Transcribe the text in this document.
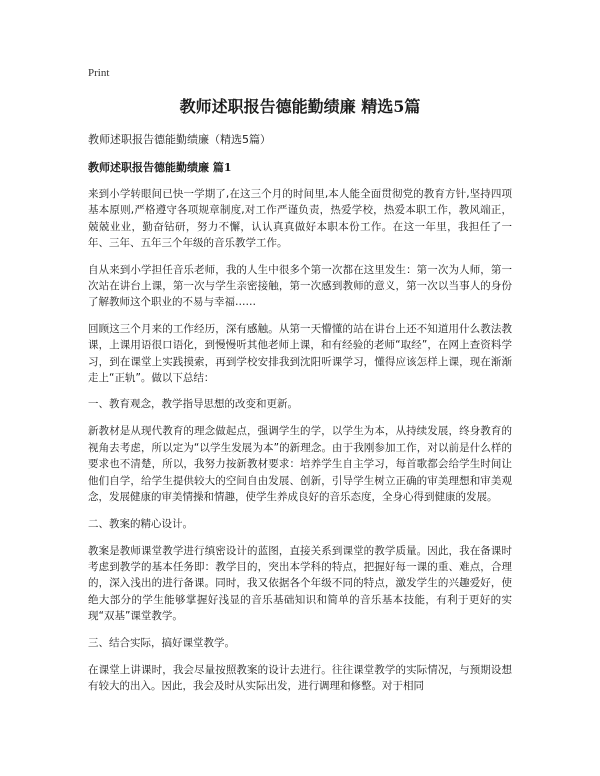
Print
教师述职报告德能勤绩廉 精选5篇
教师述职报告德能勤绩廉（精选5篇）
教师述职报告德能勤绩廉 篇1

来到小学转眼间已快一学期了,在这三个月的时间里,本人能全面贯彻党的教育方针,坚持四项基本原则,严格遵守各项规章制度,对工作严谨负责，热爱学校，热爱本职工作，教风端正，兢兢业业，勤奋钻研，努力不懈，认认真真做好本职本份工作。在这一年里，我担任了一年、三年、五年三个年级的音乐教学工作。

自从来到小学担任音乐老师，我的人生中很多个第一次都在这里发生：第一次为人师，第一次站在讲台上课，第一次与学生亲密接触，第一次感到教师的意义，第一次以当事人的身份了解教师这个职业的不易与幸福……

回顾这三个月来的工作经历，深有感触。从第一天懵懂的站在讲台上还不知道用什么教法教课，上课用语很口语化，到慢慢听其他老师上课，和有经验的老师“取经”，在网上查资料学习，到在课堂上实践摸索，再到学校安排我到沈阳听课学习，懂得应该怎样上课，现在渐渐走上“正轨”。做以下总结：

一、教育观念，教学指导思想的改变和更新。

新教材是从现代教育的理念做起点，强调学生的学，以学生为本，从持续发展，终身教育的视角去考虑，所以定为“以学生发展为本”的新理念。由于我刚参加工作，对以前是什么样的要求也不清楚，所以，我努力按新教材要求：培养学生自主学习，每首歌都会给学生时间让他们自学，给学生提供较大的空间自由发展、创新，引导学生树立正确的审美理想和审美观念，发展健康的审美情操和情趣，使学生养成良好的音乐态度，全身心得到健康的发展。

二、教案的精心设计。

教案是教师课堂教学进行缜密设计的蓝图，直接关系到课堂的教学质量。因此，我在备课时考虑到教学的基本任务即：教学目的，突出本学科的特点，把握好每一课的重、难点，合理的，深入浅出的进行备课。同时，我又依据各个年级不同的特点，激发学生的兴趣爱好，使绝大部分的学生能够掌握好浅显的音乐基础知识和简单的音乐基本技能，有利于更好的实现“双基”课堂教学。

三、结合实际，搞好课堂教学。

在课堂上讲课时，我会尽量按照教案的设计去进行。往往课堂教学的实际情况，与预期设想有较大的出入。因此，我会及时从实际出发，进行调理和修整。对于相同
